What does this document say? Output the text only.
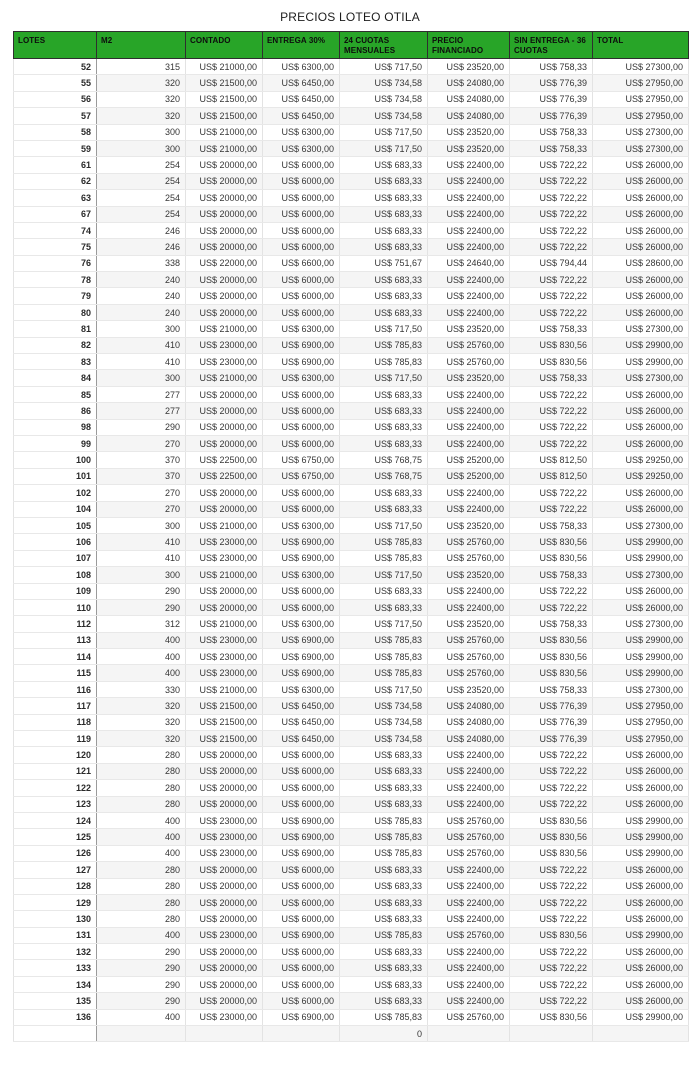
PRECIOS LOTEO OTILA
LOTES	M2	CONTADO	ENTREGA 30%	24 CUOTAS MENSUALES	PRECIO FINANCIADO	SIN ENTREGA - 36 CUOTAS	TOTAL
52	315	US$ 21000,00	US$ 6300,00	US$ 717,50	US$ 23520,00	US$ 758,33	US$ 27300,00
55	320	US$ 21500,00	US$ 6450,00	US$ 734,58	US$ 24080,00	US$ 776,39	US$ 27950,00
56	320	US$ 21500,00	US$ 6450,00	US$ 734,58	US$ 24080,00	US$ 776,39	US$ 27950,00
57	320	US$ 21500,00	US$ 6450,00	US$ 734,58	US$ 24080,00	US$ 776,39	US$ 27950,00
58	300	US$ 21000,00	US$ 6300,00	US$ 717,50	US$ 23520,00	US$ 758,33	US$ 27300,00
59	300	US$ 21000,00	US$ 6300,00	US$ 717,50	US$ 23520,00	US$ 758,33	US$ 27300,00
61	254	US$ 20000,00	US$ 6000,00	US$ 683,33	US$ 22400,00	US$ 722,22	US$ 26000,00
62	254	US$ 20000,00	US$ 6000,00	US$ 683,33	US$ 22400,00	US$ 722,22	US$ 26000,00
63	254	US$ 20000,00	US$ 6000,00	US$ 683,33	US$ 22400,00	US$ 722,22	US$ 26000,00
67	254	US$ 20000,00	US$ 6000,00	US$ 683,33	US$ 22400,00	US$ 722,22	US$ 26000,00
74	246	US$ 20000,00	US$ 6000,00	US$ 683,33	US$ 22400,00	US$ 722,22	US$ 26000,00
75	246	US$ 20000,00	US$ 6000,00	US$ 683,33	US$ 22400,00	US$ 722,22	US$ 26000,00
76	338	US$ 22000,00	US$ 6600,00	US$ 751,67	US$ 24640,00	US$ 794,44	US$ 28600,00
78	240	US$ 20000,00	US$ 6000,00	US$ 683,33	US$ 22400,00	US$ 722,22	US$ 26000,00
79	240	US$ 20000,00	US$ 6000,00	US$ 683,33	US$ 22400,00	US$ 722,22	US$ 26000,00
80	240	US$ 20000,00	US$ 6000,00	US$ 683,33	US$ 22400,00	US$ 722,22	US$ 26000,00
81	300	US$ 21000,00	US$ 6300,00	US$ 717,50	US$ 23520,00	US$ 758,33	US$ 27300,00
82	410	US$ 23000,00	US$ 6900,00	US$ 785,83	US$ 25760,00	US$ 830,56	US$ 29900,00
83	410	US$ 23000,00	US$ 6900,00	US$ 785,83	US$ 25760,00	US$ 830,56	US$ 29900,00
84	300	US$ 21000,00	US$ 6300,00	US$ 717,50	US$ 23520,00	US$ 758,33	US$ 27300,00
85	277	US$ 20000,00	US$ 6000,00	US$ 683,33	US$ 22400,00	US$ 722,22	US$ 26000,00
86	277	US$ 20000,00	US$ 6000,00	US$ 683,33	US$ 22400,00	US$ 722,22	US$ 26000,00
98	290	US$ 20000,00	US$ 6000,00	US$ 683,33	US$ 22400,00	US$ 722,22	US$ 26000,00
99	270	US$ 20000,00	US$ 6000,00	US$ 683,33	US$ 22400,00	US$ 722,22	US$ 26000,00
100	370	US$ 22500,00	US$ 6750,00	US$ 768,75	US$ 25200,00	US$ 812,50	US$ 29250,00
101	370	US$ 22500,00	US$ 6750,00	US$ 768,75	US$ 25200,00	US$ 812,50	US$ 29250,00
102	270	US$ 20000,00	US$ 6000,00	US$ 683,33	US$ 22400,00	US$ 722,22	US$ 26000,00
104	270	US$ 20000,00	US$ 6000,00	US$ 683,33	US$ 22400,00	US$ 722,22	US$ 26000,00
105	300	US$ 21000,00	US$ 6300,00	US$ 717,50	US$ 23520,00	US$ 758,33	US$ 27300,00
106	410	US$ 23000,00	US$ 6900,00	US$ 785,83	US$ 25760,00	US$ 830,56	US$ 29900,00
107	410	US$ 23000,00	US$ 6900,00	US$ 785,83	US$ 25760,00	US$ 830,56	US$ 29900,00
108	300	US$ 21000,00	US$ 6300,00	US$ 717,50	US$ 23520,00	US$ 758,33	US$ 27300,00
109	290	US$ 20000,00	US$ 6000,00	US$ 683,33	US$ 22400,00	US$ 722,22	US$ 26000,00
110	290	US$ 20000,00	US$ 6000,00	US$ 683,33	US$ 22400,00	US$ 722,22	US$ 26000,00
112	312	US$ 21000,00	US$ 6300,00	US$ 717,50	US$ 23520,00	US$ 758,33	US$ 27300,00
113	400	US$ 23000,00	US$ 6900,00	US$ 785,83	US$ 25760,00	US$ 830,56	US$ 29900,00
114	400	US$ 23000,00	US$ 6900,00	US$ 785,83	US$ 25760,00	US$ 830,56	US$ 29900,00
115	400	US$ 23000,00	US$ 6900,00	US$ 785,83	US$ 25760,00	US$ 830,56	US$ 29900,00
116	330	US$ 21000,00	US$ 6300,00	US$ 717,50	US$ 23520,00	US$ 758,33	US$ 27300,00
117	320	US$ 21500,00	US$ 6450,00	US$ 734,58	US$ 24080,00	US$ 776,39	US$ 27950,00
118	320	US$ 21500,00	US$ 6450,00	US$ 734,58	US$ 24080,00	US$ 776,39	US$ 27950,00
119	320	US$ 21500,00	US$ 6450,00	US$ 734,58	US$ 24080,00	US$ 776,39	US$ 27950,00
120	280	US$ 20000,00	US$ 6000,00	US$ 683,33	US$ 22400,00	US$ 722,22	US$ 26000,00
121	280	US$ 20000,00	US$ 6000,00	US$ 683,33	US$ 22400,00	US$ 722,22	US$ 26000,00
122	280	US$ 20000,00	US$ 6000,00	US$ 683,33	US$ 22400,00	US$ 722,22	US$ 26000,00
123	280	US$ 20000,00	US$ 6000,00	US$ 683,33	US$ 22400,00	US$ 722,22	US$ 26000,00
124	400	US$ 23000,00	US$ 6900,00	US$ 785,83	US$ 25760,00	US$ 830,56	US$ 29900,00
125	400	US$ 23000,00	US$ 6900,00	US$ 785,83	US$ 25760,00	US$ 830,56	US$ 29900,00
126	400	US$ 23000,00	US$ 6900,00	US$ 785,83	US$ 25760,00	US$ 830,56	US$ 29900,00
127	280	US$ 20000,00	US$ 6000,00	US$ 683,33	US$ 22400,00	US$ 722,22	US$ 26000,00
128	280	US$ 20000,00	US$ 6000,00	US$ 683,33	US$ 22400,00	US$ 722,22	US$ 26000,00
129	280	US$ 20000,00	US$ 6000,00	US$ 683,33	US$ 22400,00	US$ 722,22	US$ 26000,00
130	280	US$ 20000,00	US$ 6000,00	US$ 683,33	US$ 22400,00	US$ 722,22	US$ 26000,00
131	400	US$ 23000,00	US$ 6900,00	US$ 785,83	US$ 25760,00	US$ 830,56	US$ 29900,00
132	290	US$ 20000,00	US$ 6000,00	US$ 683,33	US$ 22400,00	US$ 722,22	US$ 26000,00
133	290	US$ 20000,00	US$ 6000,00	US$ 683,33	US$ 22400,00	US$ 722,22	US$ 26000,00
134	290	US$ 20000,00	US$ 6000,00	US$ 683,33	US$ 22400,00	US$ 722,22	US$ 26000,00
135	290	US$ 20000,00	US$ 6000,00	US$ 683,33	US$ 22400,00	US$ 722,22	US$ 26000,00
136	400	US$ 23000,00	US$ 6900,00	US$ 785,83	US$ 25760,00	US$ 830,56	US$ 29900,00
				0			
